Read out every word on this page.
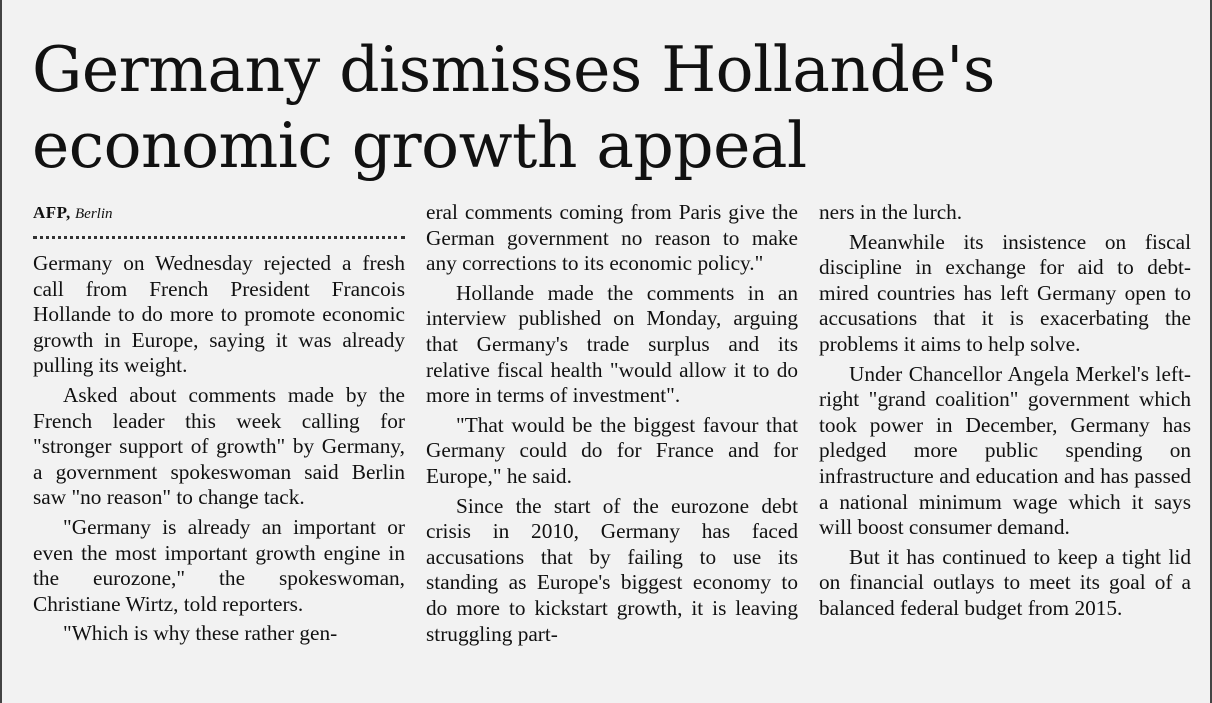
Germany dismisses Hollande's economic growth appeal
AFP, Berlin

Germany on Wednesday rejected a fresh call from French President Francois Hollande to do more to promote economic growth in Europe, saying it was already pulling its weight.

Asked about comments made by the French leader this week calling for "stronger support of growth" by Germany, a government spokeswoman said Berlin saw "no reason" to change tack.

"Germany is already an important or even the most important growth engine in the eurozone," the spokeswoman, Christiane Wirtz, told reporters.

"Which is why these rather gen-

eral comments coming from Paris give the German government no reason to make any corrections to its economic policy."

Hollande made the comments in an interview published on Monday, arguing that Germany's trade surplus and its relative fiscal health "would allow it to do more in terms of investment".

"That would be the biggest favour that Germany could do for France and for Europe," he said.

Since the start of the eurozone debt crisis in 2010, Germany has faced accusations that by failing to use its standing as Europe's biggest economy to do more to kickstart growth, it is leaving struggling part-

ners in the lurch.

Meanwhile its insistence on fiscal discipline in exchange for aid to debt-mired countries has left Germany open to accusations that it is exacerbating the problems it aims to help solve.

Under Chancellor Angela Merkel's left-right "grand coalition" government which took power in December, Germany has pledged more public spending on infrastructure and education and has passed a national minimum wage which it says will boost consumer demand.

But it has continued to keep a tight lid on financial outlays to meet its goal of a balanced federal budget from 2015.
